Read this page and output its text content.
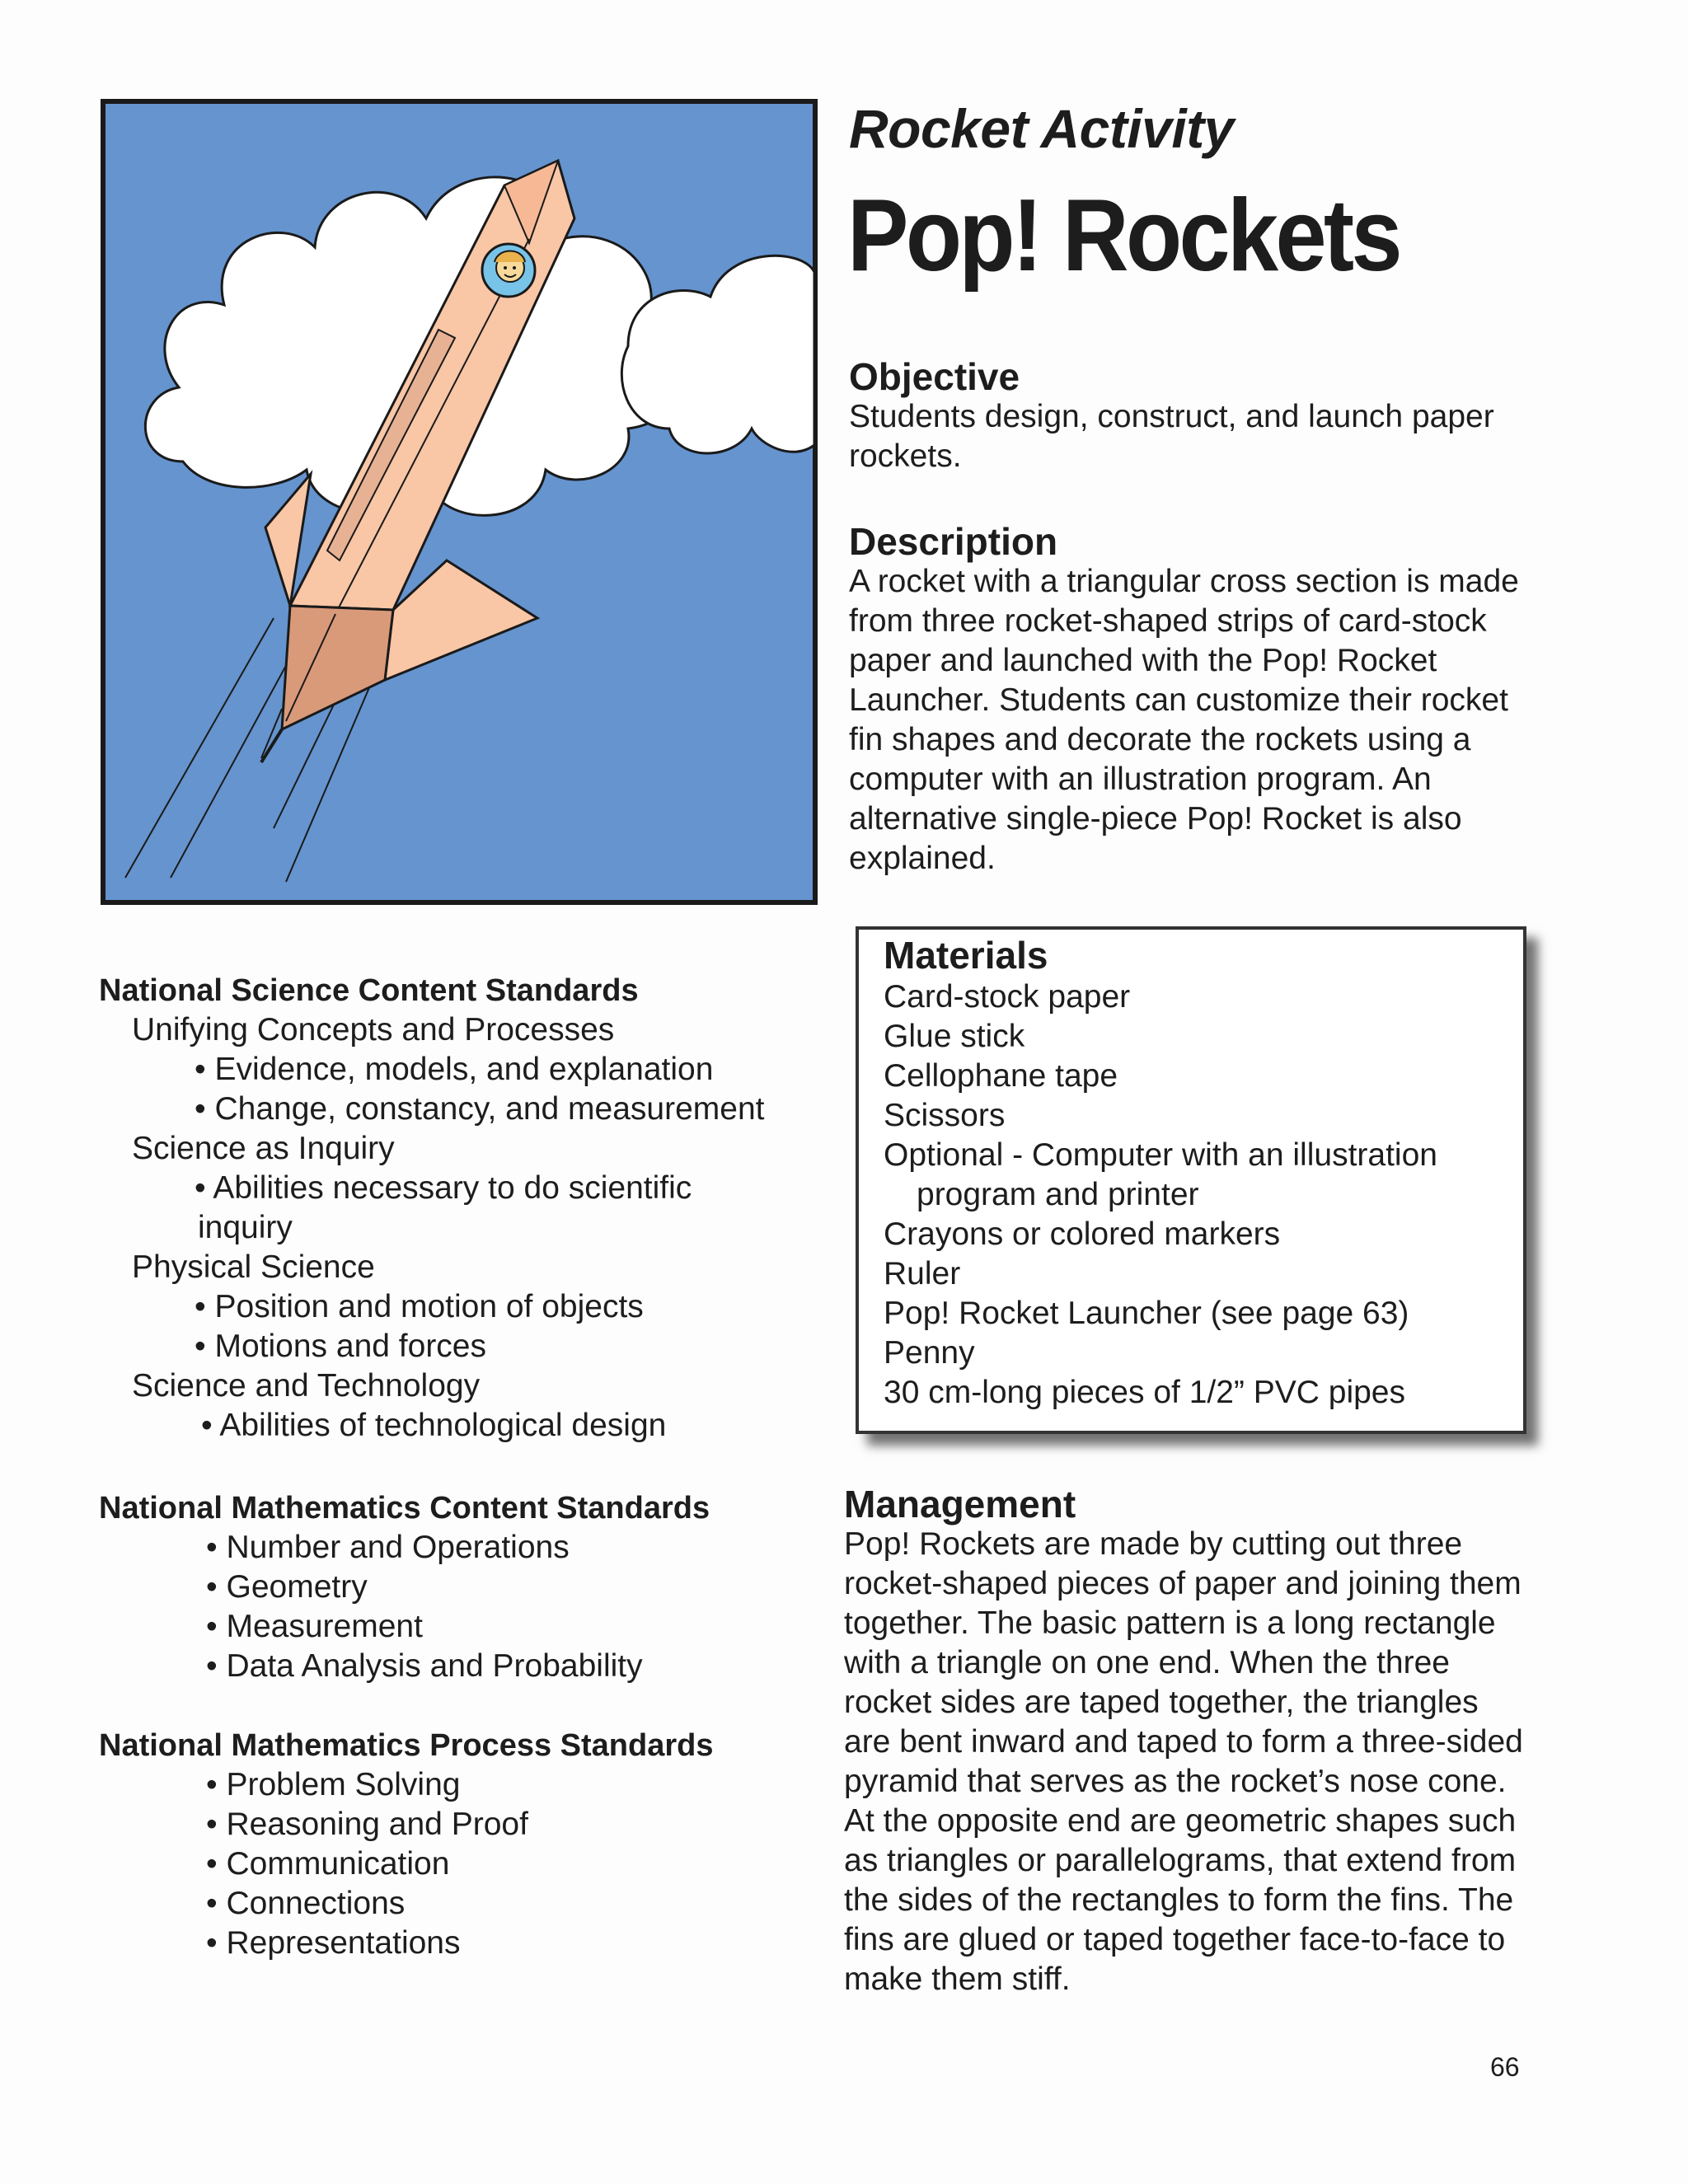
Rocket Activity
Pop! Rockets
Objective

Students design, construct, and launch paper
rockets.

Description

A rocket with a triangular cross section is made
from three rocket-shaped strips of card-stock
paper and launched with the Pop! Rocket
Launcher. Students can customize their rocket
fin shapes and decorate the rockets using a
computer with an illustration program. An
alternative single-piece Pop! Rocket is also
explained.

Materials
Card-stock paper
Glue stick
Cellophane tape
Scissors
Optional - Computer with an illustration
program and printer
Crayons or colored markers
Ruler
Pop! Rocket Launcher (see page 63)
Penny
30 cm-long pieces of 1/2” PVC pipes
Management

Pop! Rockets are made by cutting out three
rocket-shaped pieces of paper and joining them
together. The basic pattern is a long rectangle
with a triangle on one end. When the three
rocket sides are taped together, the triangles
are bent inward and taped to form a three-sided
pyramid that serves as the rocket’s nose cone.
At the opposite end are geometric shapes such
as triangles or parallelograms, that extend from
the sides of the rectangles to form the fins. The
fins are glued or taped together face-to-face to
make them stiff.

National Science Content Standards
Unifying Concepts and Processes
• Evidence, models, and explanation
• Change, constancy, and measurement
Science as Inquiry
• Abilities necessary to do scientific
inquiry
Physical Science
• Position and motion of objects
• Motions and forces
Science and Technology
• Abilities of technological design
National Mathematics Content Standards
• Number and Operations
• Geometry
• Measurement
• Data Analysis and Probability
National Mathematics Process Standards
• Problem Solving
• Reasoning and Proof
• Communication
• Connections
• Representations
66
